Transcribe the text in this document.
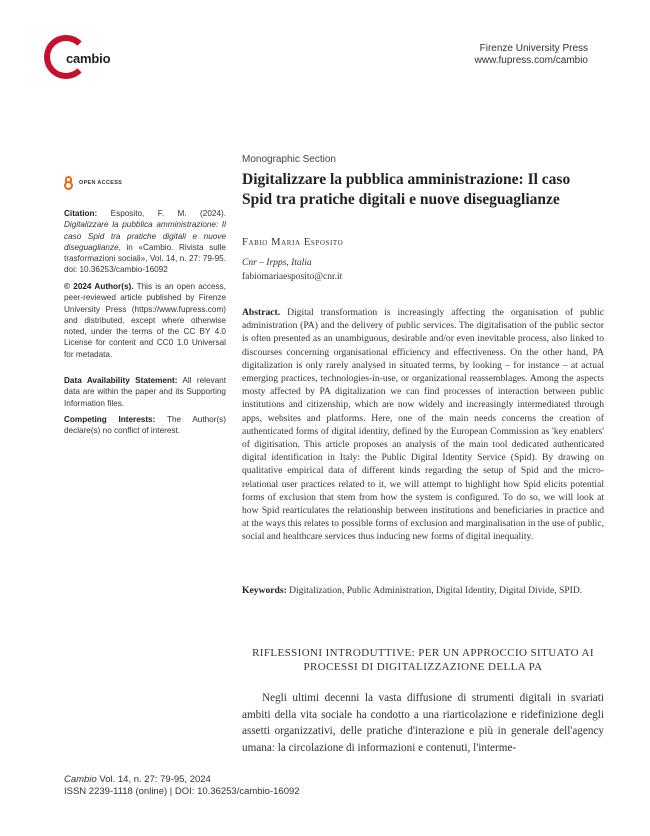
cambio
Firenze University Press
www.fupress.com/cambio
OPEN ACCESS
Citation: Esposito, F. M. (2024). Digitalizzare la pubblica amministrazione: Il caso Spid tra pratiche digitali e nuove diseguaglianze, in «Cambio. Rivista sulle trasformazioni sociali», Vol. 14, n. 27: 79-95. doi: 10.36253/cambio-16092
© 2024 Author(s). This is an open access, peer-reviewed article published by Firenze University Press (https://www.fupress.com) and distributed, except where otherwise noted, under the terms of the CC BY 4.0 License for content and CC0 1.0 Universal for metadata.
Data Availability Statement: All relevant data are within the paper and its Supporting Information files.
Competing Interests: The Author(s) declare(s) no conflict of interest.
Monographic Section
Digitalizzare la pubblica amministrazione: Il caso Spid tra pratiche digitali e nuove diseguaglianze
Fabio Maria Esposito
Cnr – Irpps, Italia
fabiomariaesposito@cnr.it

Abstract. Digital transformation is increasingly affecting the organisation of public administration (PA) and the delivery of public services. The digitalisation of the public sector is often presented as an unambiguous, desirable and/or even inevitable process, also linked to discourses concerning organisational efficiency and effectiveness. On the other hand, PA digitalization is only rarely analysed in situated terms, by looking – for instance – at actual emerging practices, technologies-in-use, or organizational reassemblages. Among the aspects mosty affected by PA digitalization we can find processes of interaction between public institutions and citizenship, which are now widely and increasingly intermediated through apps, websites and platforms. Here, one of the main needs concerns the creation of authenticated forms of digital identity, defined by the European Commission as 'key enablers' of digitisation. This article proposes an analysis of the main tool dedicated authenticated digital identification in Italy: the Public Digital Identity Service (Spid). By drawing on qualitative empirical data of different kinds regarding the setup of Spid and the micro-relational user practices related to it, we will attempt to highlight how Spid elicits potential forms of exclusion that stem from how the system is configured. To do so, we will look at how Spid rearticulates the relationship between institutions and beneficiaries in practice and at the ways this relates to possible forms of exclusion and marginalisation in the use of public, social and healthcare services thus inducing new forms of digital inequality.

Keywords: Digitalization, Public Administration, Digital Identity, Digital Divide, SPID.

RIFLESSIONI INTRODUTTIVE: PER UN APPROCCIO SITUATO AI PROCESSI DI DIGITALIZZAZIONE DELLA PA

Negli ultimi decenni la vasta diffusione di strumenti digitali in svariati ambiti della vita sociale ha condotto a una riarticolazione e ridefinizione degli assetti organizzativi, delle pratiche d'interazione e più in generale dell'agency umana: la circolazione di informazioni e contenuti, l'interme-

Cambio Vol. 14, n. 27: 79-95, 2024
ISSN 2239-1118 (online) | DOI: 10.36253/cambio-16092
